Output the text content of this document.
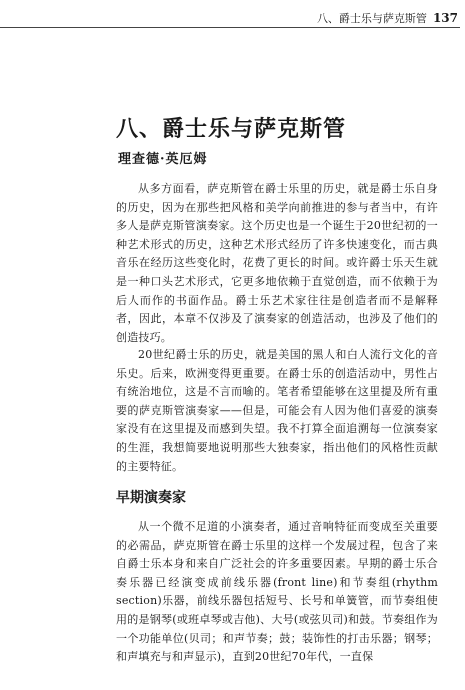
八、爵士乐与萨克斯管 137
八、爵士乐与萨克斯管
理查德·英厄姆

从多方面看，萨克斯管在爵士乐里的历史，就是爵士乐自身的历史，因为在那些把风格和美学向前推进的参与者当中，有许多人是萨克斯管演奏家。这个历史也是一个诞生于20世纪初的一种艺术形式的历史，这种艺术形式经历了许多快速变化，而古典音乐在经历这些变化时，花费了更长的时间。或许爵士乐天生就是一种口头艺术形式，它更多地依赖于直觉创造，而不依赖于为后人而作的书面作品。爵士乐艺术家往往是创造者而不是解释者，因此，本章不仅涉及了演奏家的创造活动，也涉及了他们的创造技巧。

20世纪爵士乐的历史，就是美国的黑人和白人流行文化的音乐史。后来，欧洲变得更重要。在爵士乐的创造活动中，男性占有统治地位，这是不言而喻的。笔者希望能够在这里提及所有重要的萨克斯管演奏家——但是，可能会有人因为他们喜爱的演奏家没有在这里提及而感到失望。我不打算全面追溯每一位演奏家的生涯，我想简要地说明那些大独奏家，指出他们的风格性贡献的主要特征。

早期演奏家

从一个微不足道的小演奏者，通过音响特征而变成至关重要的必需品，萨克斯管在爵士乐里的这样一个发展过程，包含了来自爵士乐本身和来自广泛社会的许多重要因素。早期的爵士乐合奏乐器已经演变成前线乐器(front line)和节奏组(rhythm section)乐器，前线乐器包括短号、长号和单簧管，而节奏组使用的是钢琴(或班卓琴或吉他)、大号(或弦贝司)和鼓。节奏组作为一个功能单位(贝司；和声节奏；鼓；装饰性的打击乐器；钢琴；和声填充与和声显示)，直到20世纪70年代，一直保
